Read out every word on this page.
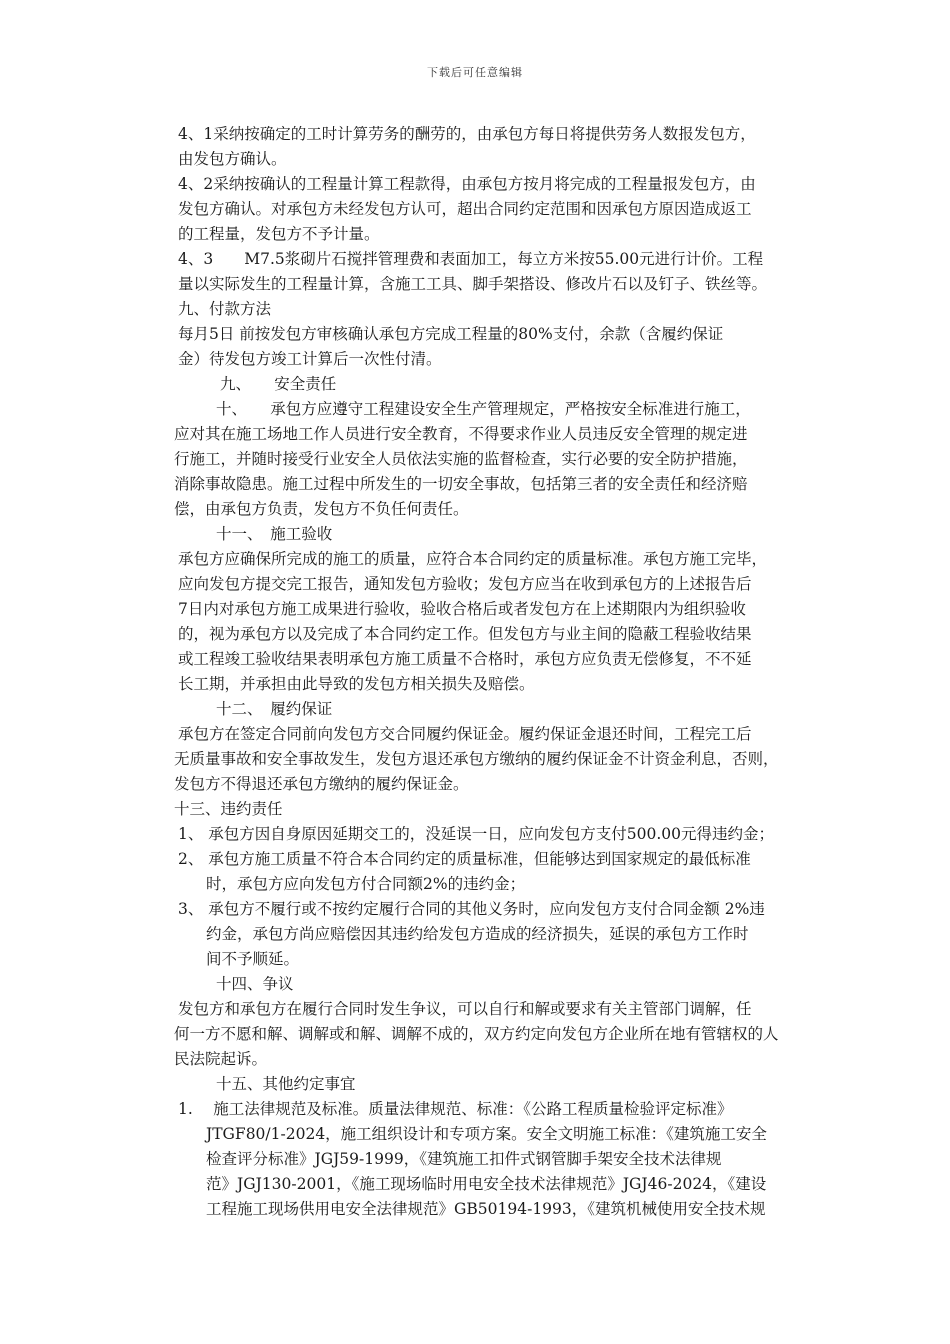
下载后可任意编辑
4、1采纳按确定的工时计算劳务的酬劳的，由承包方每日将提供劳务人数报发包方，
由发包方确认。
4、2采纳按确认的工程量计算工程款得，由承包方按月将完成的工程量报发包方，由
发包方确认。对承包方未经发包方认可，超出合同约定范围和因承包方原因造成返工
的工程量，发包方不予计量。
4、3　　M7.5浆砌片石搅拌管理费和表面加工，每立方米按55.00元进行计价。工程
量以实际发生的工程量计算，含施工工具、脚手架搭设、修改片石以及钉子、铁丝等。
九、付款方法
每月5日 前按发包方审核确认承包方完成工程量的80%支付，余款（含履约保证
金）待发包方竣工计算后一次性付清。
九、　　安全责任
十、　　承包方应遵守工程建设安全生产管理规定，严格按安全标准进行施工，
应对其在施工场地工作人员进行安全教育，不得要求作业人员违反安全管理的规定进
行施工，并随时接受行业安全人员依法实施的监督检查，实行必要的安全防护措施，
消除事故隐患。施工过程中所发生的一切安全事故，包括第三者的安全责任和经济赔
偿，由承包方负责，发包方不负任何责任。
十一、　施工验收
承包方应确保所完成的施工的质量，应符合本合同约定的质量标准。承包方施工完毕，
应向发包方提交完工报告，通知发包方验收；发包方应当在收到承包方的上述报告后
7日内对承包方施工成果进行验收，验收合格后或者发包方在上述期限内为组织验收
的，视为承包方以及完成了本合同约定工作。但发包方与业主间的隐蔽工程验收结果
或工程竣工验收结果表明承包方施工质量不合格时，承包方应负责无偿修复，不不延
长工期，并承担由此导致的发包方相关损失及赔偿。
十二、　履约保证
承包方在签定合同前向发包方交合同履约保证金。履约保证金退还时间，工程完工后
无质量事故和安全事故发生，发包方退还承包方缴纳的履约保证金不计资金利息，否则，
发包方不得退还承包方缴纳的履约保证金。
十三、违约责任
1、 承包方因自身原因延期交工的，没延误一日，应向发包方支付500.00元得违约金；
2、 承包方施工质量不符合本合同约定的质量标准，但能够达到国家规定的最低标准
时，承包方应向发包方付合同额2%的违约金；
3、 承包方不履行或不按约定履行合同的其他义务时，应向发包方支付合同金额 2%违
约金，承包方尚应赔偿因其违约给发包方造成的经济损失，延误的承包方工作时
间不予顺延。
十四、争议
发包方和承包方在履行合同时发生争议，可以自行和解或要求有关主管部门调解，任
何一方不愿和解、调解或和解、调解不成的，双方约定向发包方企业所在地有管辖权的人
民法院起诉。
十五、其他约定事宜
1.　 施工法律规范及标准。质量法律规范、标准：《公路工程质量检验评定标准》
JTGF80/1-2024，施工组织设计和专项方案。安全文明施工标准：《建筑施工安全
检查评分标准》JGJ59-1999，《建筑施工扣件式钢管脚手架安全技术法律规
范》JGJ130-2001，《施工现场临时用电安全技术法律规范》JGJ46-2024，《建设
工程施工现场供用电安全法律规范》GB50194-1993，《建筑机械使用安全技术规
